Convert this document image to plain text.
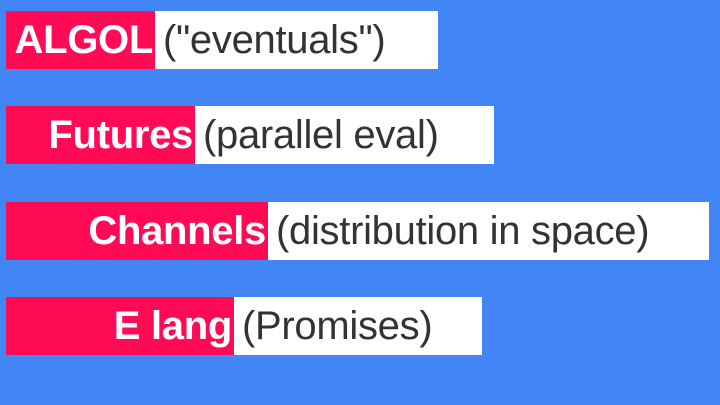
ALGOL ("eventuals")
Futures (parallel eval)
Channels (distribution in space)
E lang (Promises)
